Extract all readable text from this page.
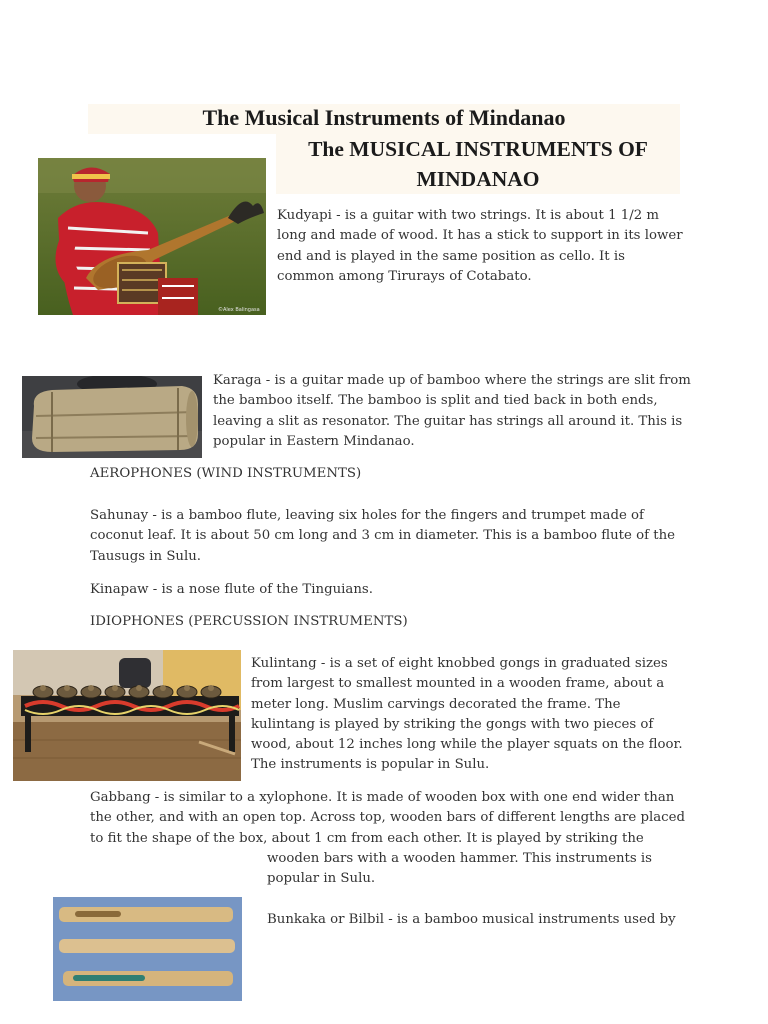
The Musical Instruments of Mindanao
The MUSICAL INSTRUMENTS OF
MINDANAO
©Alex Balingasa
Kudyapi - is a guitar with two strings. It is about 1 1/2 m
long and made of wood. It has a stick to support in its lower
end and is played in the same position as cello. It is
common among Tirurays of Cotabato.
Karaga - is a guitar made up of bamboo where the strings are slit from
the bamboo itself. The bamboo is split and tied back in both ends,
leaving a slit as resonator. The guitar has strings all around it. This is
popular in Eastern Mindanao.
AEROPHONES (WIND INSTRUMENTS)
Sahunay - is a bamboo flute, leaving six holes for the fingers and trumpet made of
coconut leaf. It is about 50 cm long and 3 cm in diameter. This is a bamboo flute of the
Tausugs in Sulu.
Kinapaw - is a nose flute of the Tinguians.
IDIOPHONES (PERCUSSION INSTRUMENTS)
Kulintang - is a set of eight knobbed gongs in graduated sizes
from largest to smallest mounted in a wooden frame, about a
meter long. Muslim carvings decorated the frame. The
kulintang is played by striking the gongs with two pieces of
wood, about 12 inches long while the player squats on the floor.
The instruments is popular in Sulu.
Gabbang - is similar to a xylophone. It is made of wooden box with one end wider than
the other, and with an open top. Across top, wooden bars of different lengths are placed
to fit the shape of the box, about 1 cm from each other. It is played by striking the
wooden bars with a wooden hammer. This instruments is
popular in Sulu.
Bunkaka or Bilbil - is a bamboo musical instruments used by
